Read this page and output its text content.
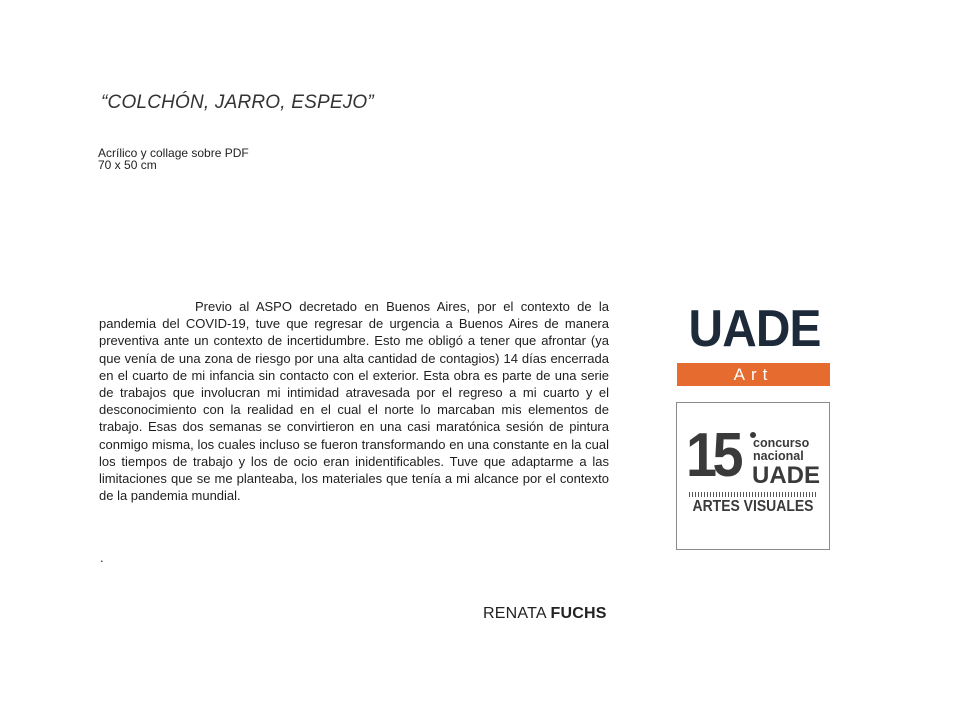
“COLCHÓN, JARRO, ESPEJO”
Acrílico y collage sobre PDF
70 x 50 cm

Previo al ASPO decretado en Buenos Aires, por el contexto de la pandemia del COVID-19, tuve que regresar de urgencia a Buenos Aires de manera preventiva ante un contexto de incertidumbre. Esto me obligó a tener que afrontar (ya que venía de una zona de riesgo por una alta cantidad de contagios) 14 días encerrada en el cuarto de mi infancia sin contacto con el exterior. Esta obra es parte de una serie de trabajos que involucran mi intimidad atravesada por el regreso a mi cuarto y el desconocimiento con la realidad en el cual el norte lo marcaban mis elementos de trabajo. Esas dos semanas se convirtieron en una casi maratónica sesión de pintura conmigo misma, los cuales incluso se fueron transformando en una constante en la cual los tiempos de trabajo y los de ocio eran inidentificables. Tuve que adaptarme a las limitaciones que se me planteaba, los materiales que tenía a mi alcance por el contexto de la pandemia mundial.

.
RENATA FUCHS
UADE
Art
15 concurso
nacional
UADE
ARTES VISUALES
